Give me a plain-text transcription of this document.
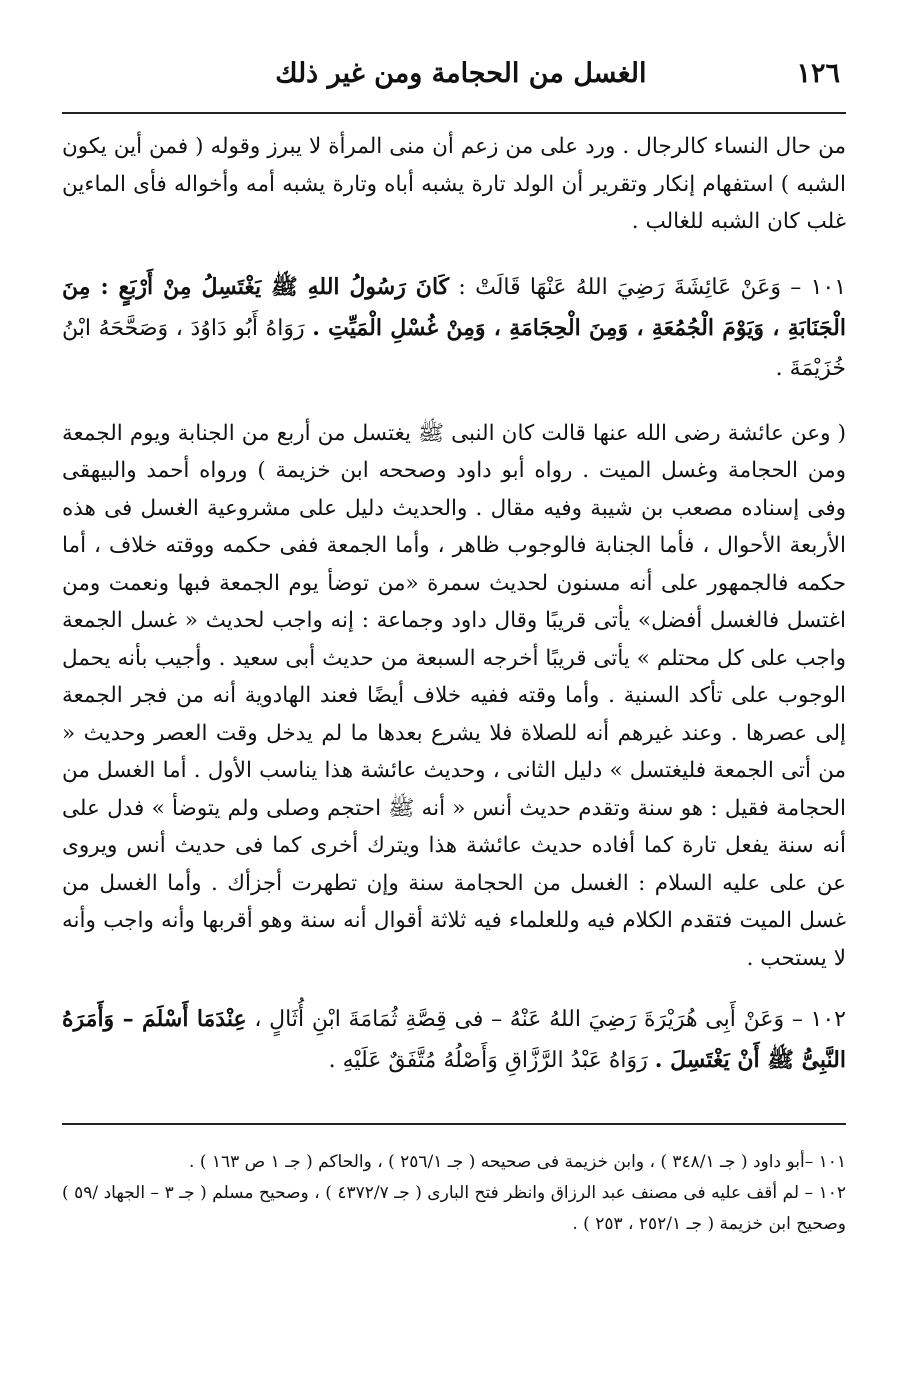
١٢٦
الغسل من الحجامة ومن غير ذلك

من حال النساء كالرجال . ورد على من زعم أن منى المرأة لا يبرز وقوله ( فمن أين يكون الشبه ) استفهام إنكار وتقرير أن الولد تارة يشبه أباه وتارة يشبه أمه وأخواله فأى الماءين غلب كان الشبه للغالب .

١٠١ – وَعَنْ عَائِشَةَ رَضِيَ اللهُ عَنْهَا قَالَتْ : كَانَ رَسُولُ اللهِ ﷺ يَغْتَسِلُ مِنْ أَرْبَعٍ : مِنَ الْجَنَابَةِ ، وَيَوْمَ الْجُمُعَةِ ، وَمِنَ الْحِجَامَةِ ، وَمِنْ غُسْلِ الْمَيِّتِ . رَوَاهُ أَبُو دَاوُدَ ، وَصَحَّحَهُ ابْنُ خُزَيْمَةَ .

( وعن عائشة رضى الله عنها قالت كان النبى ﷺ يغتسل من أربع من الجنابة ويوم الجمعة ومن الحجامة وغسل الميت . رواه أبو داود وصححه ابن خزيمة ) ورواه أحمد والبيهقى وفى إسناده مصعب بن شيبة وفيه مقال . والحديث دليل على مشروعية الغسل فى هذه الأربعة الأحوال ، فأما الجنابة فالوجوب ظاهر ، وأما الجمعة ففى حكمه ووقته خلاف ، أما حكمه فالجمهور على أنه مسنون لحديث سمرة «من توضأ يوم الجمعة فبها ونعمت ومن اغتسل فالغسل أفضل» يأتى قريبًا وقال داود وجماعة : إنه واجب لحديث « غسل الجمعة واجب على كل محتلم » يأتى قريبًا أخرجه السبعة من حديث أبى سعيد . وأجيب بأنه يحمل الوجوب على تأكد السنية . وأما وقته ففيه خلاف أيضًا فعند الهادوية أنه من فجر الجمعة إلى عصرها . وعند غيرهم أنه للصلاة فلا يشرع بعدها ما لم يدخل وقت العصر وحديث « من أتى الجمعة فليغتسل » دليل الثانى ، وحديث عائشة هذا يناسب الأول . أما الغسل من الحجامة فقيل : هو سنة وتقدم حديث أنس « أنه ﷺ احتجم وصلى ولم يتوضأ » فدل على أنه سنة يفعل تارة كما أفاده حديث عائشة هذا ويترك أخرى كما فى حديث أنس ويروى عن على عليه السلام : الغسل من الحجامة سنة وإن تطهرت أجزأك . وأما الغسل من غسل الميت فتقدم الكلام فيه وللعلماء فيه ثلاثة أقوال أنه سنة وهو أقربها وأنه واجب وأنه لا يستحب .

١٠٢ – وَعَنْ أَبِى هُرَيْرَةَ رَضِيَ اللهُ عَنْهُ – فى قِصَّةِ ثُمَامَةَ ابْنِ أُثَالٍ ، عِنْدَمَا أَسْلَمَ – وَأَمَرَهُ النَّبِىُّ ﷺ أَنْ يَغْتَسِلَ . رَوَاهُ عَبْدُ الرَّزَّاقِ وَأَصْلُهُ مُتَّفَقٌ عَلَيْهِ .

١٠١ –أبو داود ( جـ ٣٤٨/١ ) ، وابن خزيمة فى صحيحه ( جـ ٢٥٦/١ ) ، والحاكم ( جـ ١ ص ١٦٣ ) .

١٠٢ – لم أقف عليه فى مصنف عبد الرزاق وانظر فتح البارى ( جـ ٤٣٧٢/٧ ) ، وصحيح مسلم ( جـ ٣ – الجهاد /٥٩ ) وصحيح ابن خزيمة ( جـ ٢٥٢/١ ، ٢٥٣ ) .
